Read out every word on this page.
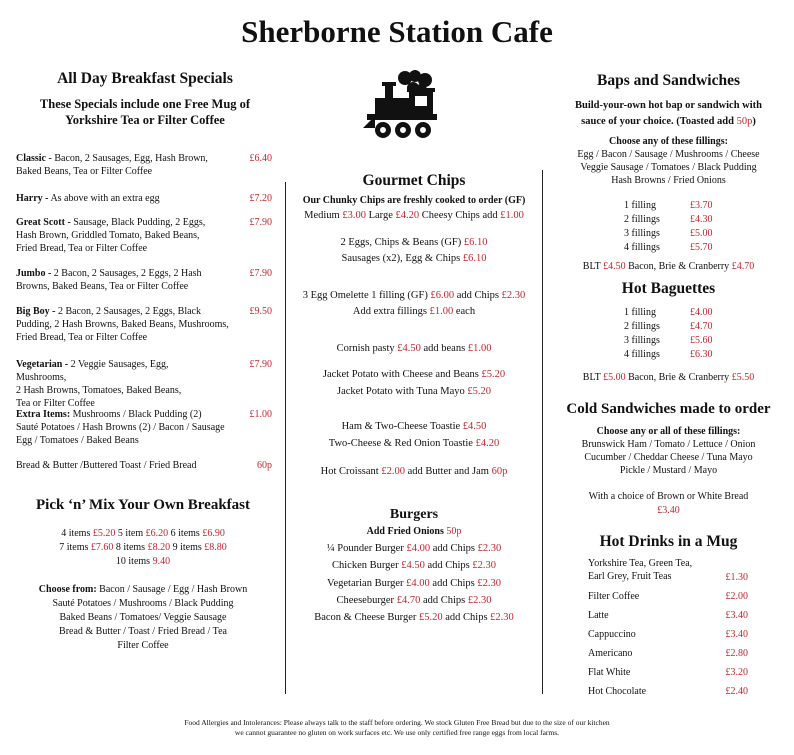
Sherborne Station Cafe
All Day Breakfast Specials
These Specials include one Free Mug of
Yorkshire Tea or Filter Coffee
Classic - Bacon, 2 Sausages, Egg, Hash Brown,
Baked Beans, Tea or Filter Coffee
£6.40
Harry - As above with an extra egg	£7.20
Great Scott - Sausage, Black Pudding, 2 Eggs,
Hash Brown, Griddled Tomato, Baked Beans,
Fried Bread, Tea or Filter Coffee
£7.90
Jumbo - 2 Bacon, 2 Sausages, 2 Eggs, 2 Hash
Browns, Baked Beans, Tea or Filter Coffee
£7.90
Big Boy - 2 Bacon, 2 Sausages, 2 Eggs, Black
Pudding, 2 Hash Browns, Baked Beans, Mushrooms,
Fried Bread, Tea or Filter Coffee
£9.50
Vegetarian - 2 Veggie Sausages, Egg, Mushrooms,
2 Hash Browns, Tomatoes, Baked Beans,
Tea or Filter Coffee
£7.90
Extra Items: Mushrooms / Black Pudding (2)
Sauté Potatoes / Hash Browns (2) / Bacon / Sausage
Egg / Tomatoes / Baked Beans
£1.00
Bread & Butter /Buttered Toast / Fried Bread	60p
Pick ‘n’ Mix Your Own Breakfast
4 items £5.20 5 item £6.20 6 items £6.90
7 items £7.60 8 items £8.20 9 items £8.80
10 items 9.40
Choose from: Bacon / Sausage / Egg / Hash Brown
Sauté Potatoes / Mushrooms / Black Pudding
Baked Beans / Tomatoes/ Veggie Sausage
Bread & Butter / Toast / Fried Bread / Tea
Filter Coffee
Gourmet Chips
Our Chunky Chips are freshly cooked to order (GF)
Medium £3.00 Large £4.20 Cheesy Chips add £1.00
2 Eggs, Chips & Beans (GF) £6.10
Sausages (x2), Egg & Chips £6.10
3 Egg Omelette 1 filling (GF) £6.00 add Chips £2.30
Add extra fillings £1.00 each
Cornish pasty £4.50 add beans £1.00
Jacket Potato with Cheese and Beans £5.20
Jacket Potato with Tuna Mayo £5.20
Ham & Two-Cheese Toastie £4.50
Two-Cheese & Red Onion Toastie £4.20
Hot Croissant £2.00 add Butter and Jam 60p
Burgers
Add Fried Onions 50p
¼ Pounder Burger £4.00 add Chips £2.30
Chicken Burger £4.50 add Chips £2.30
Vegetarian Burger £4.00 add Chips £2.30
Cheeseburger £4.70 add Chips £2.30
Bacon & Cheese Burger £5.20 add Chips £2.30
Baps and Sandwiches
Build-your-own hot bap or sandwich with
sauce of your choice. (Toasted add 50p)
Choose any of these fillings:
Egg / Bacon / Sausage / Mushrooms / Cheese
Veggie Sausage / Tomatoes / Black Pudding
Hash Browns / Fried Onions
1 filling	£3.70
2 fillings	£4.30
3 fillings	£5.00
4 fillings	£5.70
BLT £4.50 Bacon, Brie & Cranberry £4.70
Hot Baguettes
1 filling	£4.00
2 fillings	£4.70
3 fillings	£5.60
4 fillings	£6.30
BLT £5.00 Bacon, Brie & Cranberry £5.50
Cold Sandwiches made to order
Choose any or all of these fillings:
Brunswick Ham / Tomato / Lettuce / Onion
Cucumber / Cheddar Cheese / Tuna Mayo
Pickle / Mustard / Mayo
With a choice of Brown or White Bread
£3.40
Hot Drinks in a Mug
Yorkshire Tea, Green Tea,
Earl Grey, Fruit Teas	£1.30
Filter Coffee	£2.00
Latte	£3.40
Cappuccino	£3.40
Americano	£2.80
Flat White	£3.20
Hot Chocolate	£2.40
Food Allergies and Intolerances: Please always talk to the staff before ordering. We stock Gluten Free Bread but due to the size of our kitchen
we cannot guarantee no gluten on work surfaces etc. We use only certified free range eggs from local farms.
